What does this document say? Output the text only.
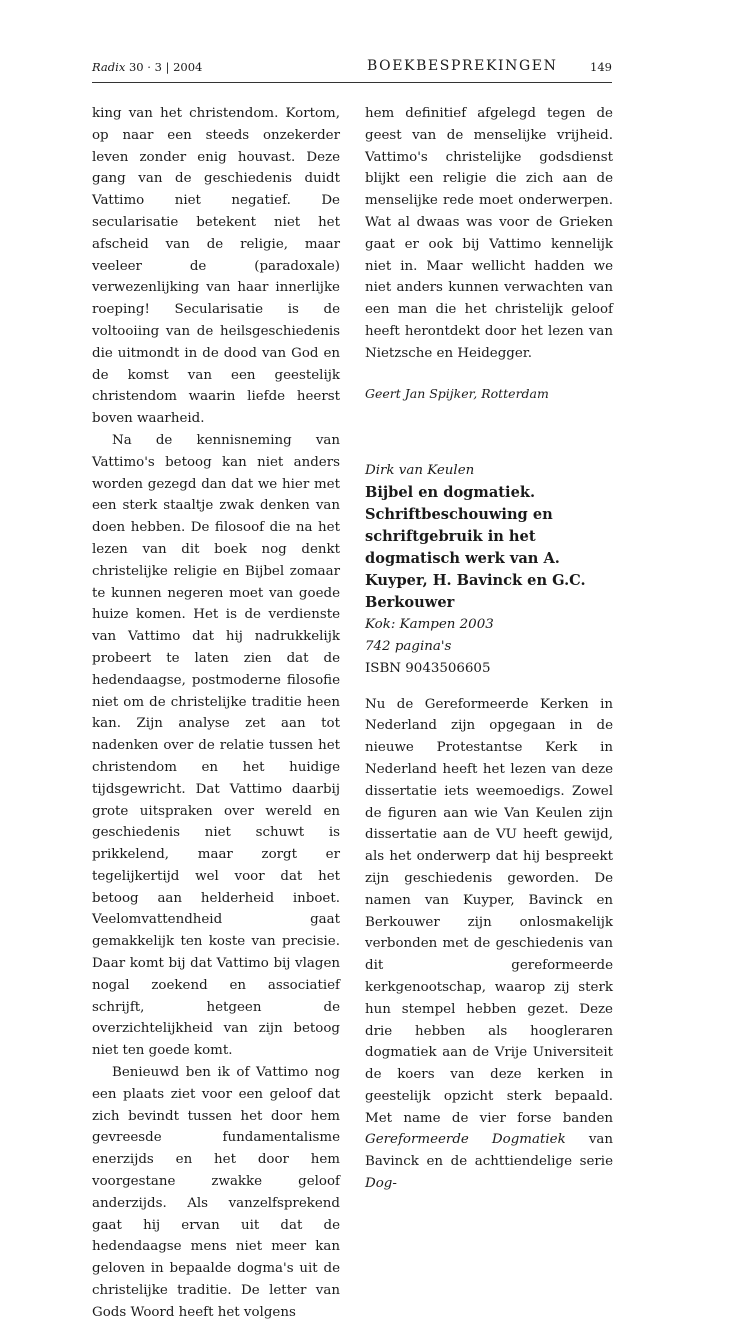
Radix 30 · 3 | 2004	BOEKBESPREKINGEN	149

king van het christendom. Kortom, op naar een steeds onzekerder leven zonder enig houvast. Deze gang van de geschiedenis duidt Vattimo niet negatief. De secularisatie betekent niet het afscheid van de religie, maar veeleer de (paradoxale) verwezenlijking van haar innerlijke roeping! Secularisatie is de voltooiing van de heilsgeschiedenis die uitmondt in de dood van God en de komst van een geestelijk christendom waarin liefde heerst boven waarheid.

Na de kennisneming van Vattimo's betoog kan niet anders worden gezegd dan dat we hier met een sterk staaltje zwak denken van doen hebben. De filosoof die na het lezen van dit boek nog denkt christelijke religie en Bijbel zomaar te kunnen negeren moet van goede huize komen. Het is de verdienste van Vattimo dat hij nadrukkelijk probeert te laten zien dat de hedendaagse, postmoderne filosofie niet om de christelijke traditie heen kan. Zijn analyse zet aan tot nadenken over de relatie tussen het christendom en het huidige tijdsgewricht. Dat Vattimo daarbij grote uitspraken over wereld en geschiedenis niet schuwt is prikkelend, maar zorgt er tegelijkertijd wel voor dat het betoog aan helderheid inboet. Veelomvattendheid gaat gemakkelijk ten koste van precisie. Daar komt bij dat Vattimo bij vlagen nogal zoekend en associatief schrijft, hetgeen de overzichtelijkheid van zijn betoog niet ten goede komt.

Benieuwd ben ik of Vattimo nog een plaats ziet voor een geloof dat zich bevindt tussen het door hem gevreesde fundamentalisme enerzijds en het door hem voorgestane zwakke geloof anderzijds. Als vanzelfsprekend gaat hij ervan uit dat de hedendaagse mens niet meer kan geloven in bepaalde dogma's uit de christelijke traditie. De letter van Gods Woord heeft het volgens

hem definitief afgelegd tegen de geest van de menselijke vrijheid. Vattimo's christelijke godsdienst blijkt een religie die zich aan de menselijke rede moet onderwerpen. Wat al dwaas was voor de Grieken gaat er ook bij Vattimo kennelijk niet in. Maar wellicht hadden we niet anders kunnen verwachten van een man die het christelijk geloof heeft herontdekt door het lezen van Nietzsche en Heidegger.

Geert Jan Spijker, Rotterdam

Dirk van Keulen
Bijbel en dogmatiek. Schriftbeschouwing en schriftgebruik in het dogmatisch werk van A. Kuyper, H. Bavinck en G.C. Berkouwer
Kok: Kampen 2003
742 pagina's
ISBN 9043506605

Nu de Gereformeerde Kerken in Nederland zijn opgegaan in de nieuwe Protestantse Kerk in Nederland heeft het lezen van deze dissertatie iets weemoedigs. Zowel de figuren aan wie Van Keulen zijn dissertatie aan de VU heeft gewijd, als het onderwerp dat hij bespreekt zijn geschiedenis geworden. De namen van Kuyper, Bavinck en Berkouwer zijn onlosmakelijk verbonden met de geschiedenis van dit gereformeerde kerkgenootschap, waarop zij sterk hun stempel hebben gezet. Deze drie hebben als hoogleraren dogmatiek aan de Vrije Universiteit de koers van deze kerken in geestelijk opzicht sterk bepaald. Met name de vier forse banden Gereformeerde Dogmatiek van Bavinck en de achttiendelige serie Dog-
